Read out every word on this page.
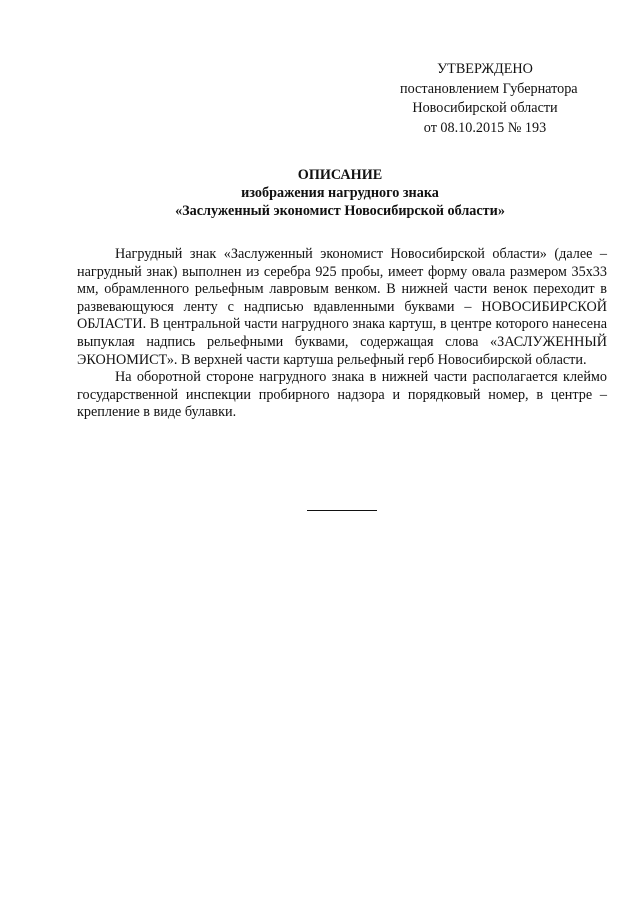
УТВЕРЖДЕНО
постановлением Губернатора
Новосибирской области
от 08.10.2015 № 193
ОПИСАНИЕ
изображения нагрудного знака
«Заслуженный экономист Новосибирской области»

Нагрудный знак «Заслуженный экономист Новосибирской области» (далее – нагрудный знак) выполнен из серебра 925 пробы, имеет форму овала размером 35х33 мм, обрамленного рельефным лавровым венком. В нижней части венок переходит в развевающуюся ленту с надписью вдавленными буквами – НОВОСИБИРСКОЙ ОБЛАСТИ. В центральной части нагрудного знака картуш, в центре которого нанесена выпуклая надпись рельефными буквами, содержащая слова «ЗАСЛУЖЕННЫЙ ЭКОНОМИСТ». В верхней части картуша рельефный герб Новосибирской области.

На оборотной стороне нагрудного знака в нижней части располагается клеймо государственной инспекции пробирного надзора и порядковый номер, в центре – крепление в виде булавки.
